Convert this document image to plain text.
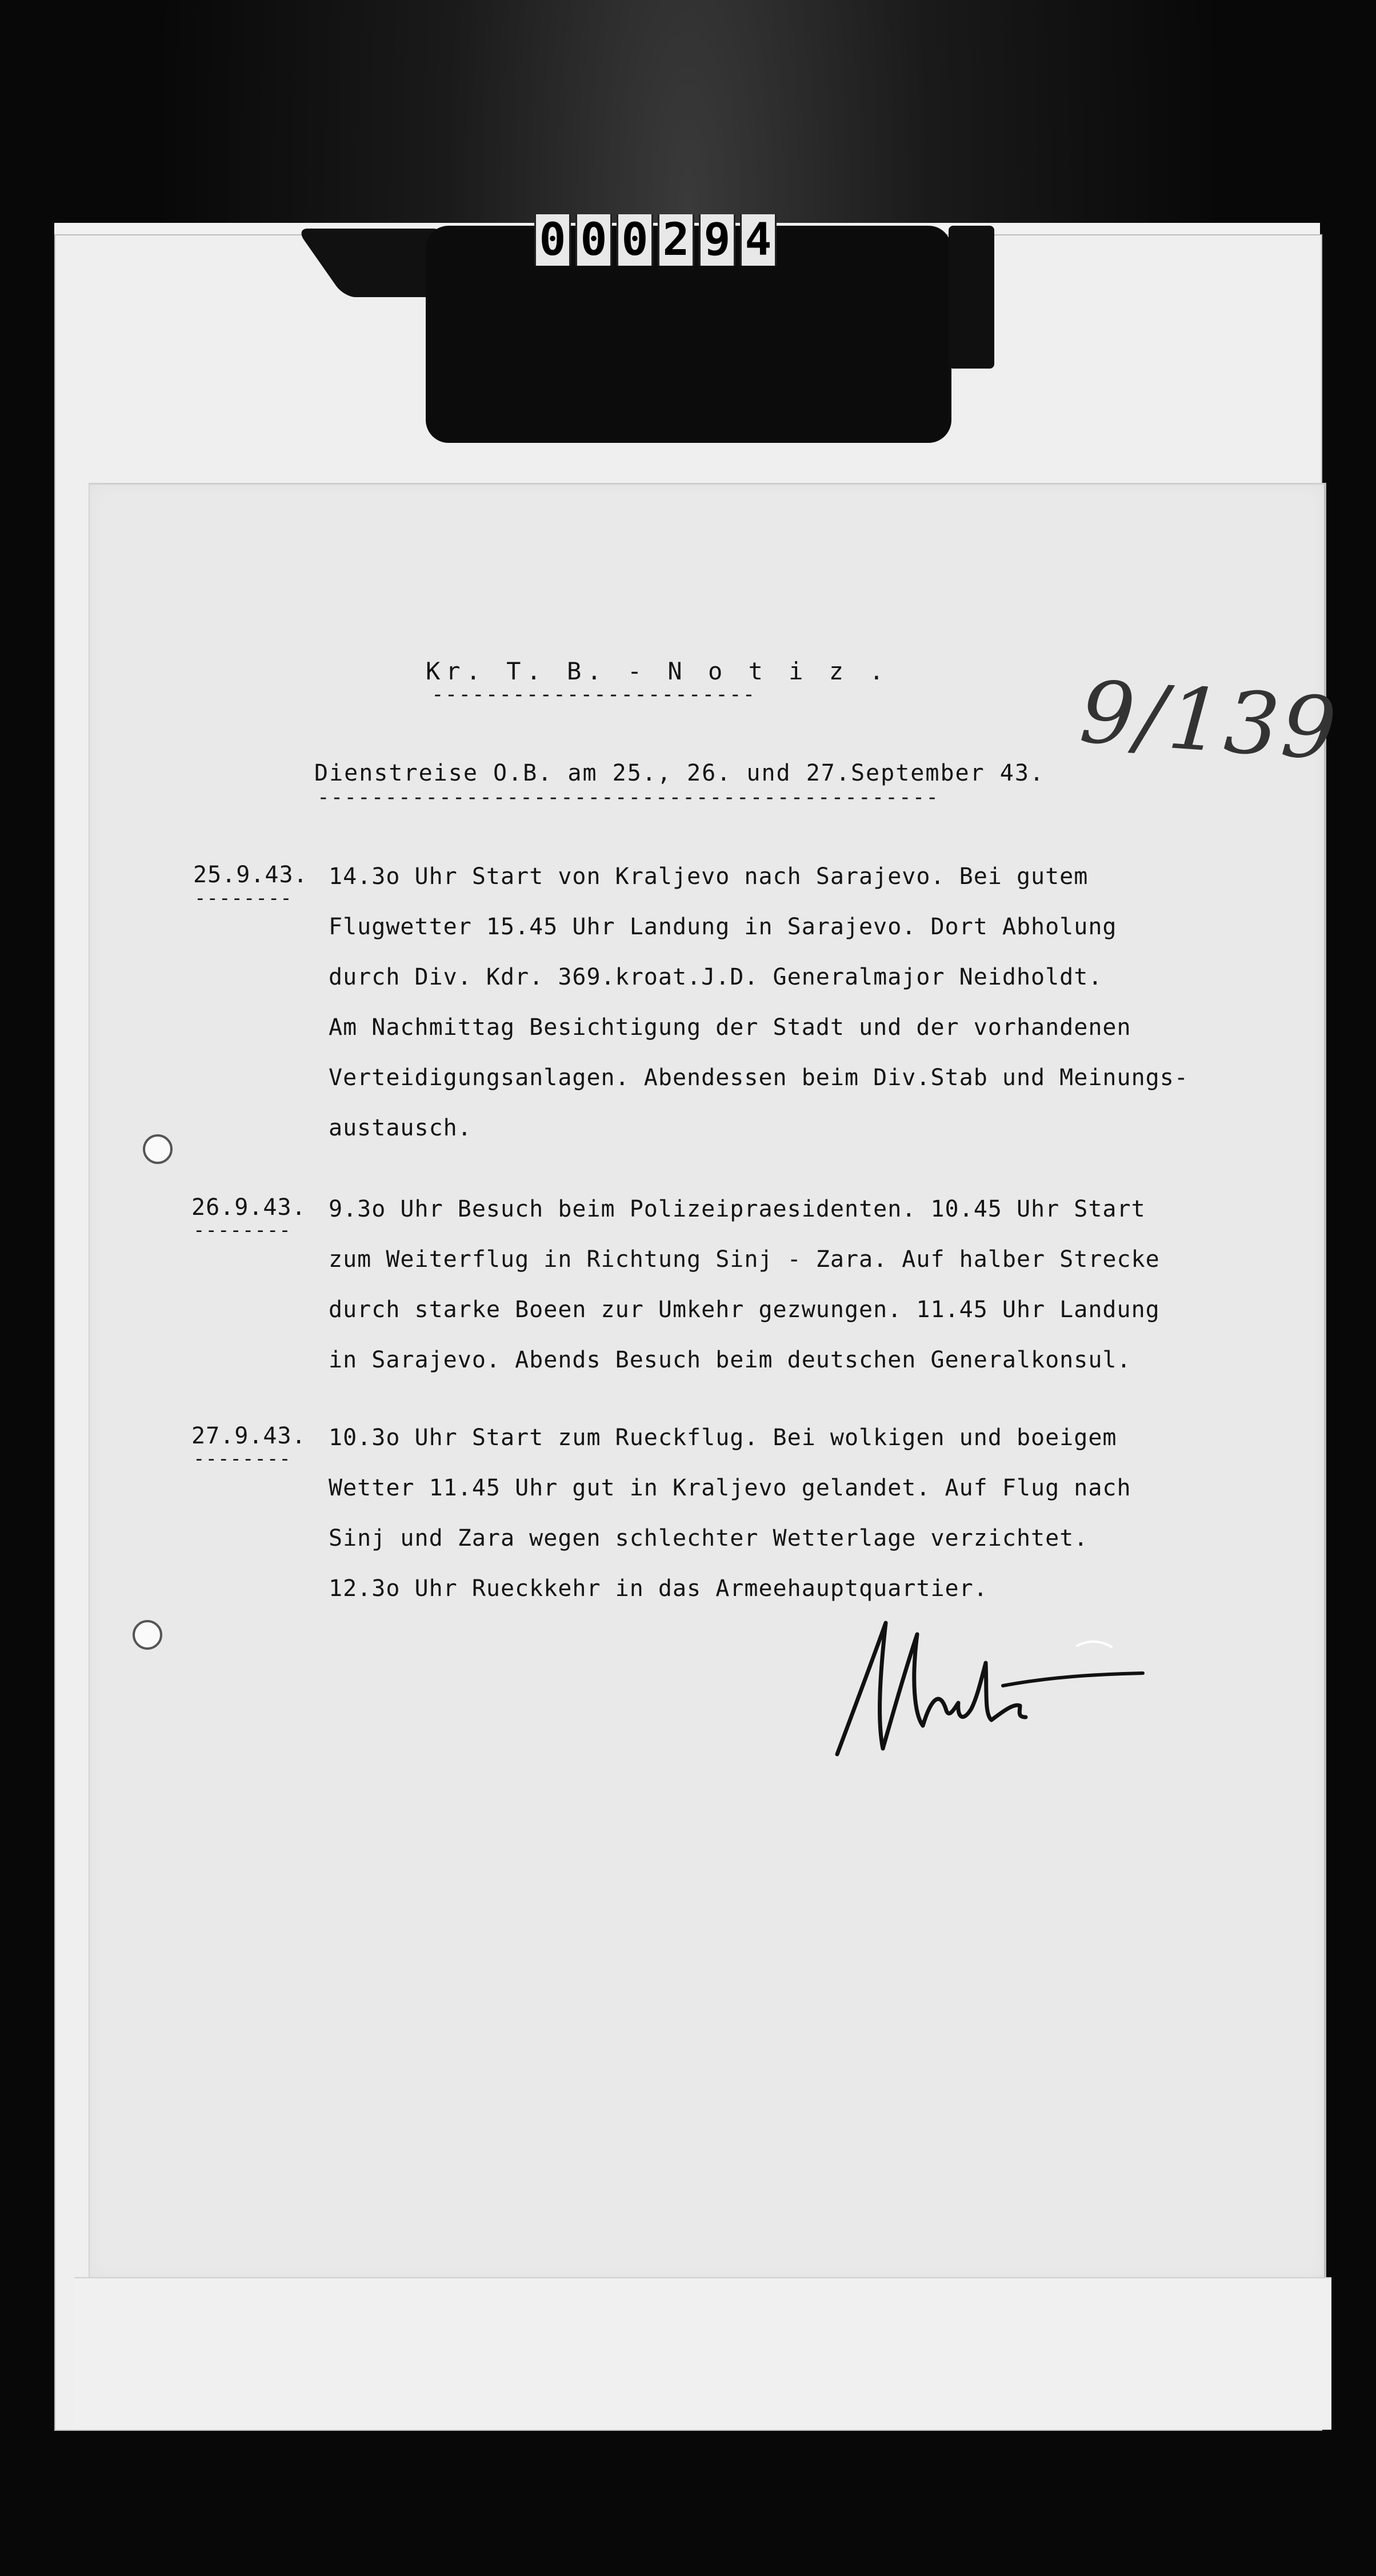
0 0 0 2 9 4
Kr. T. B. - N o t i z .
------------------------	9/139
Dienstreise O.B. am 25., 26. und 27.September 43.
----------------------------------------------
25.9.43.
--------
14.3o Uhr Start von Kraljevo nach Sarajevo. Bei gutem
Flugwetter 15.45 Uhr Landung in Sarajevo. Dort Abholung
durch Div. Kdr. 369.kroat.J.D. Generalmajor Neidholdt.
Am Nachmittag Besichtigung der Stadt und der vorhandenen
Verteidigungsanlagen. Abendessen beim Div.Stab und Meinungs-
austausch.
26.9.43.
--------
9.3o Uhr Besuch beim Polizeipraesidenten. 10.45 Uhr Start
zum Weiterflug in Richtung Sinj - Zara. Auf halber Strecke
durch starke Boeen zur Umkehr gezwungen. 11.45 Uhr Landung
in Sarajevo. Abends Besuch beim deutschen Generalkonsul.
27.9.43.
--------
10.3o Uhr Start zum Rueckflug. Bei wolkigen und boeigem
Wetter 11.45 Uhr gut in Kraljevo gelandet. Auf Flug nach
Sinj und Zara wegen schlechter Wetterlage verzichtet.
12.3o Uhr Rueckkehr in das Armeehauptquartier.
